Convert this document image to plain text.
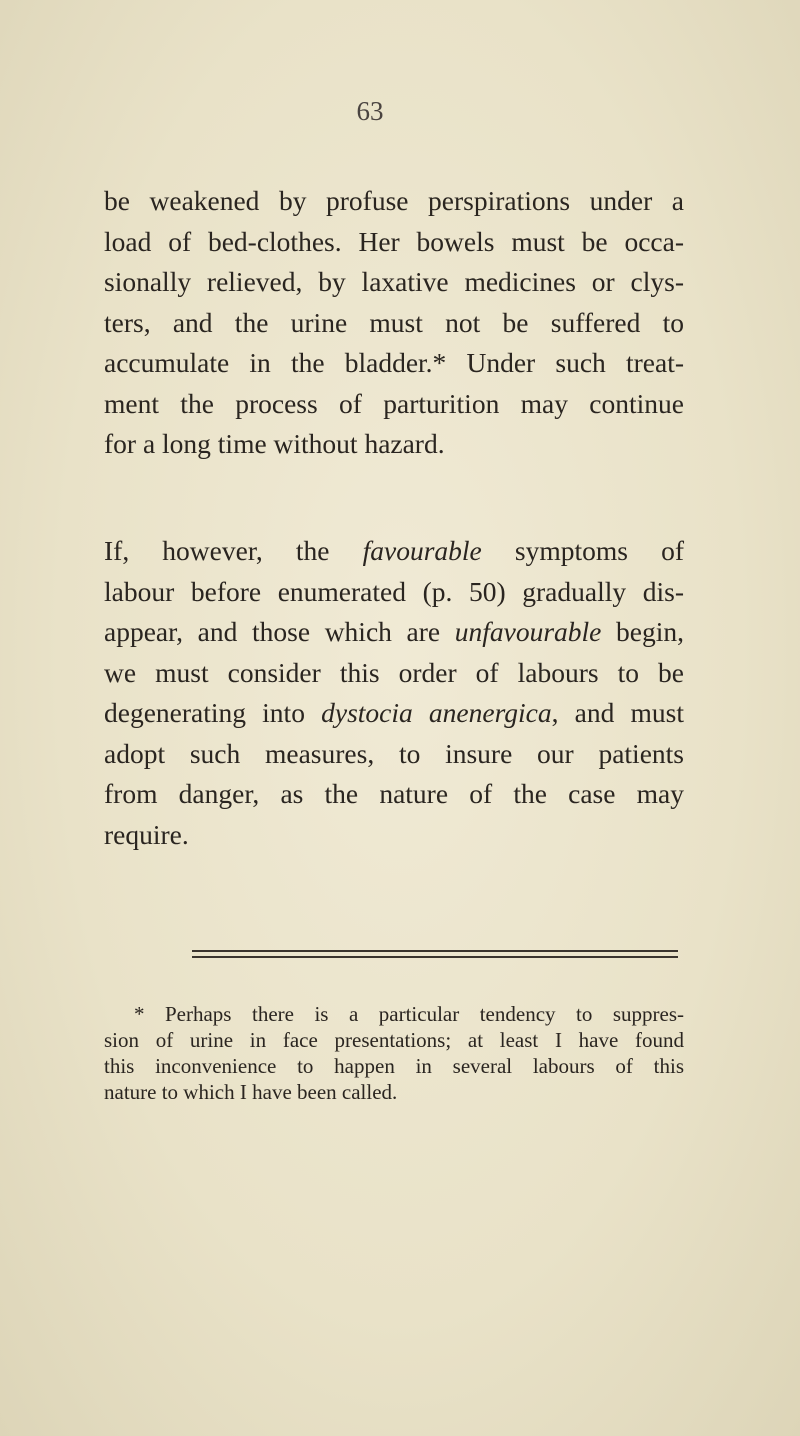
63

be weakened by profuse perspirations under a
load of bed-clothes. Her bowels must be occa-
sionally relieved, by laxative medicines or clys-
ters, and the urine must not be suffered to
accumulate in the bladder.* Under such treat-
ment the process of parturition may continue
for a long time without hazard.

If, however, the favourable symptoms of
labour before enumerated (p. 50) gradually dis-
appear, and those which are unfavourable begin,
we must consider this order of labours to be
degenerating into dystocia anenergica, and must
adopt such measures, to insure our patients
from danger, as the nature of the case may
require.

* Perhaps there is a particular tendency to suppres-
sion of urine in face presentations; at least I have found
this inconvenience to happen in several labours of this
nature to which I have been called.
